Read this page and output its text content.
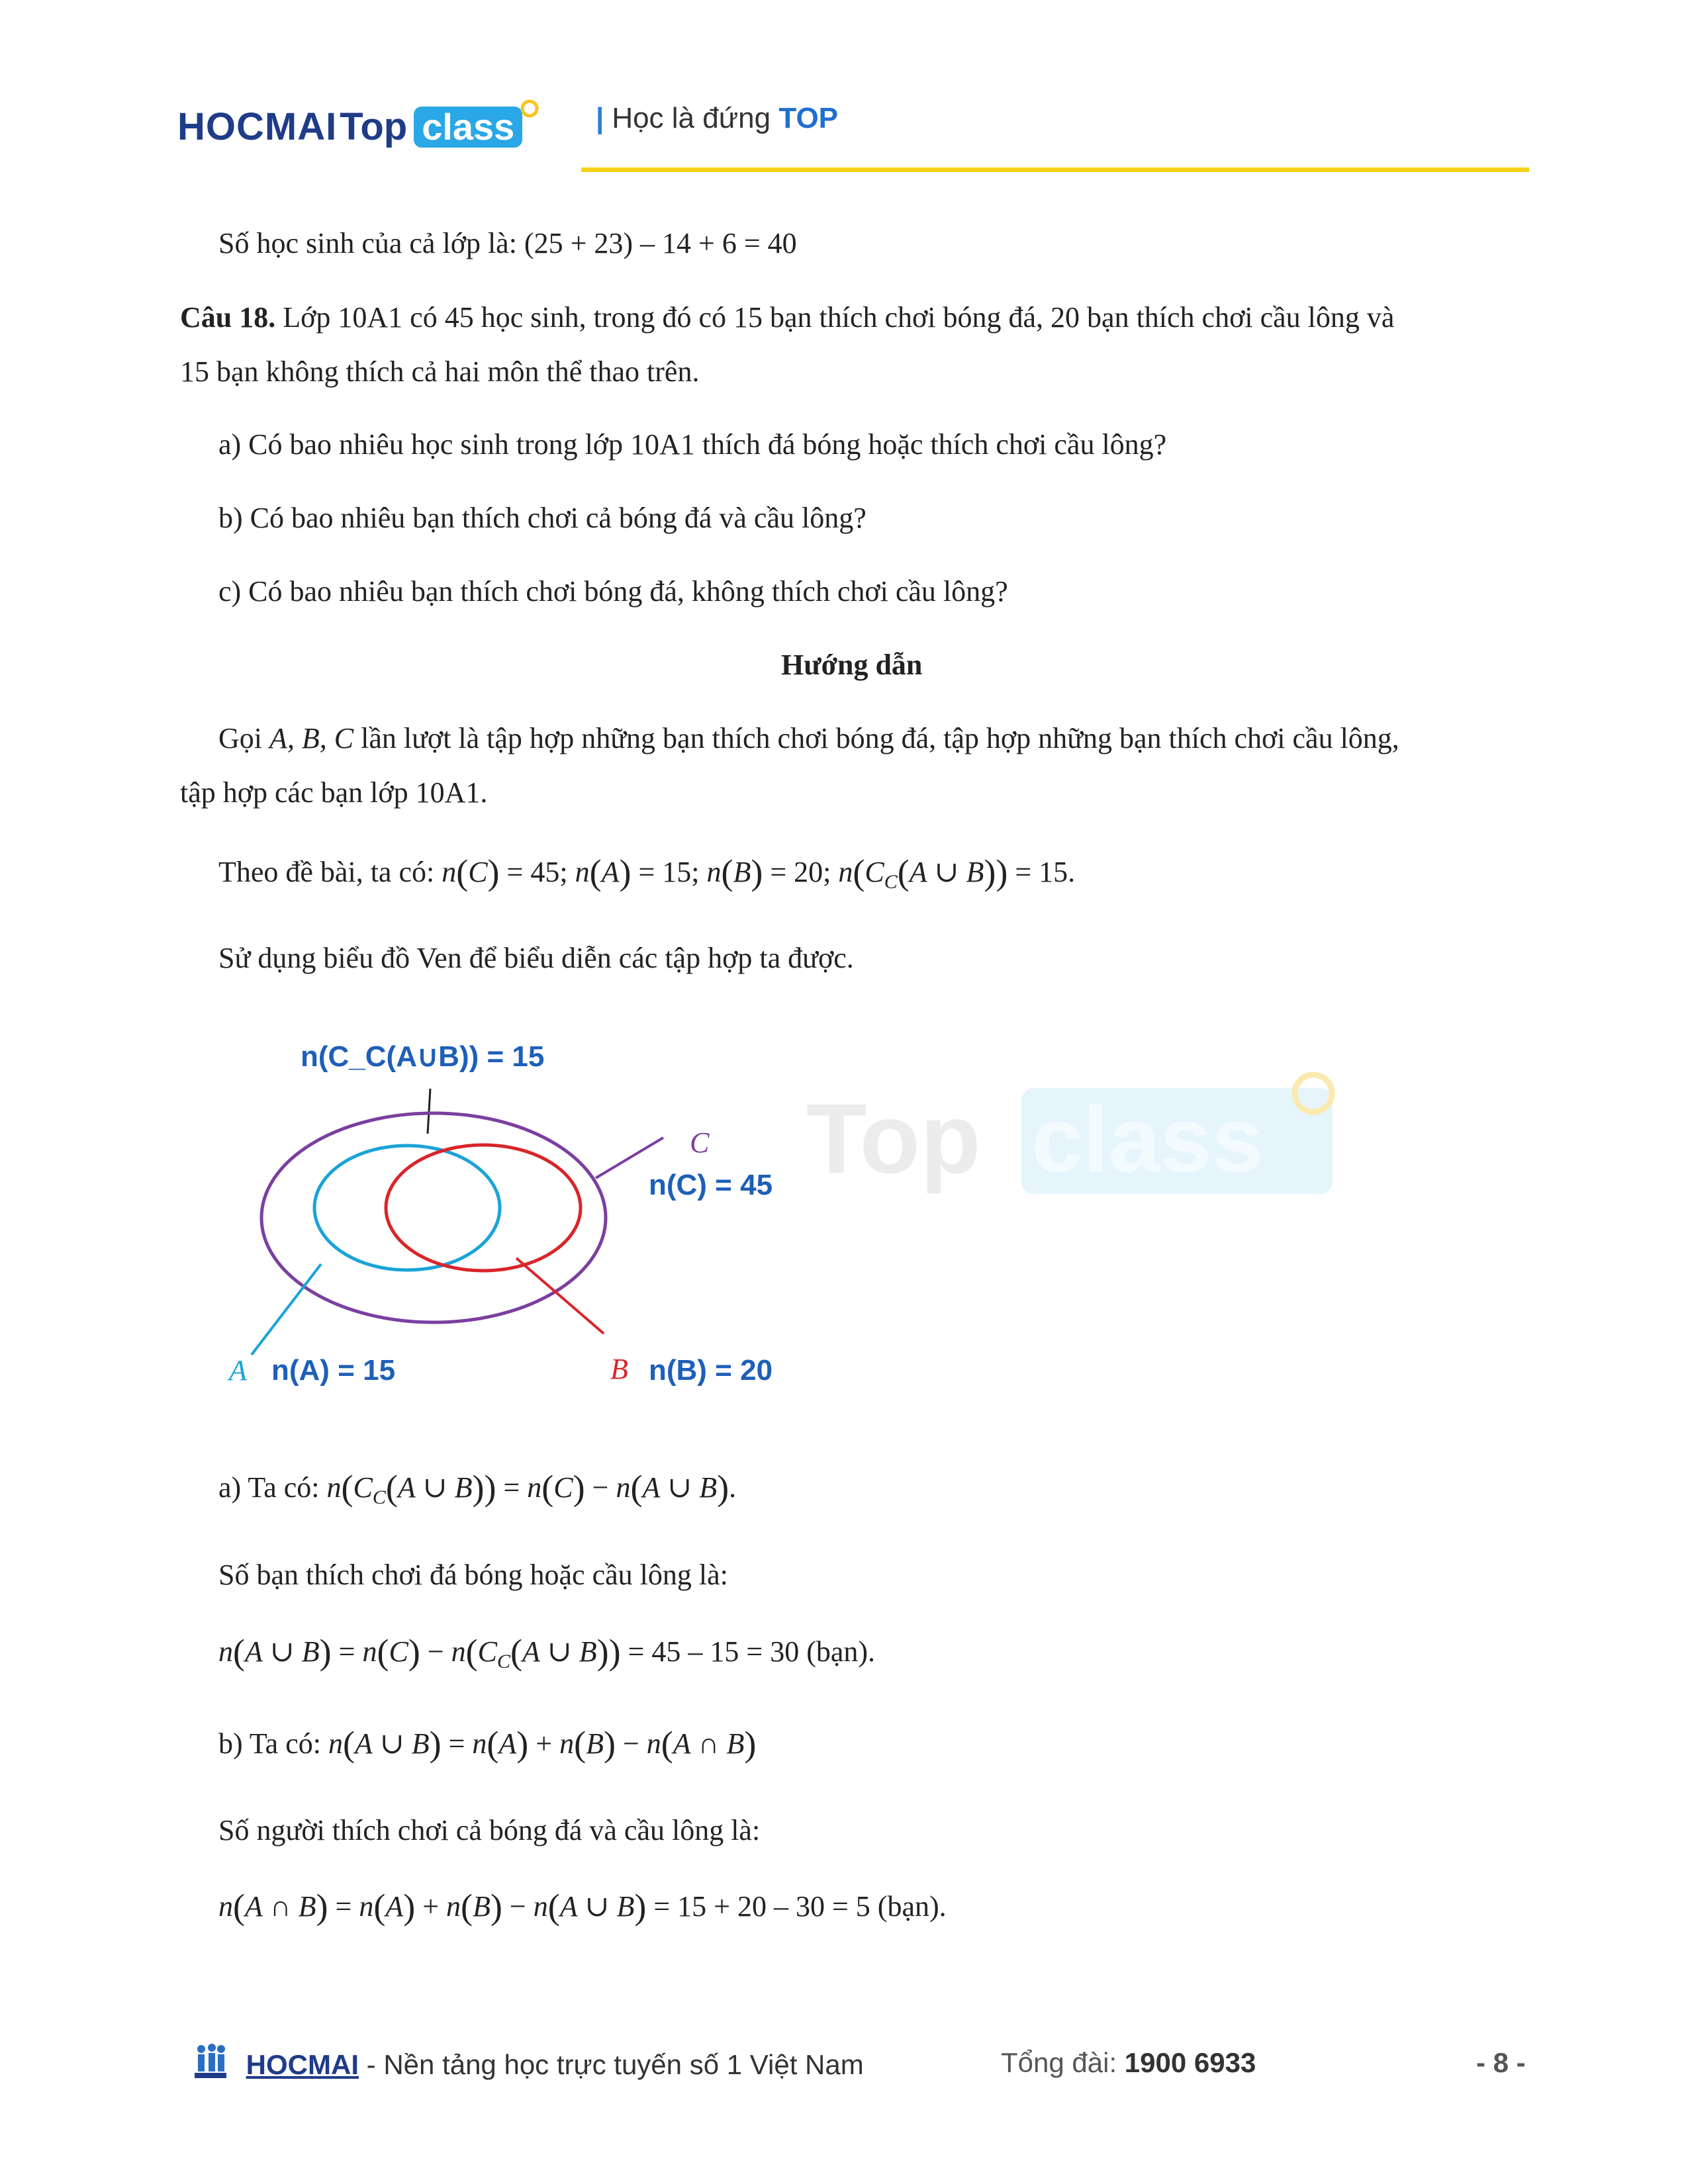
HOCMAI Top class	| Học là đứng TOP
Top class
Số học sinh của cả lớp là: (25 + 23) – 14 + 6 = 40
Câu 18. Lớp 10A1 có 45 học sinh, trong đó có 15 bạn thích chơi bóng đá, 20 bạn thích chơi cầu lông và
15 bạn không thích cả hai môn thể thao trên.
a) Có bao nhiêu học sinh trong lớp 10A1 thích đá bóng hoặc thích chơi cầu lông?
b) Có bao nhiêu bạn thích chơi cả bóng đá và cầu lông?
c) Có bao nhiêu bạn thích chơi bóng đá, không thích chơi cầu lông?
Hướng dẫn
Gọi A, B, C lần lượt là tập hợp những bạn thích chơi bóng đá, tập hợp những bạn thích chơi cầu lông,
tập hợp các bạn lớp 10A1.
Theo đề bài, ta có: n(C) = 45; n(A) = 15; n(B) = 20; $n(C_C(A$ ∪ B)) = 15.
Sử dụng biểu đồ Ven để biểu diễn các tập hợp ta được.
n(C_C(A∪B)) = 15
C
n(C) = 45
A n(A) = 15	B n(B) = 20
a) Ta có: $n(C_C(A$ ∪ B)) = n(C) − n(A ∪ B).
Số bạn thích chơi đá bóng hoặc cầu lông là:
n(A ∪ $B) = n(C) - n(C_C(A$ ∪ B)) = 45 – 15 = 30 (bạn).
b) Ta có: n(A ∪ B) = n(A) + n(B) − n(A ∩ B)
Số người thích chơi cả bóng đá và cầu lông là:
n(A ∩ B) = n(A) + n(B) − n(A ∪ B) = 15 + 20 – 30 = 5 (bạn).
HOCMAI - Nền tảng học trực tuyến số 1 Việt Nam	Tổng đài: 1900 6933	- 8 -
